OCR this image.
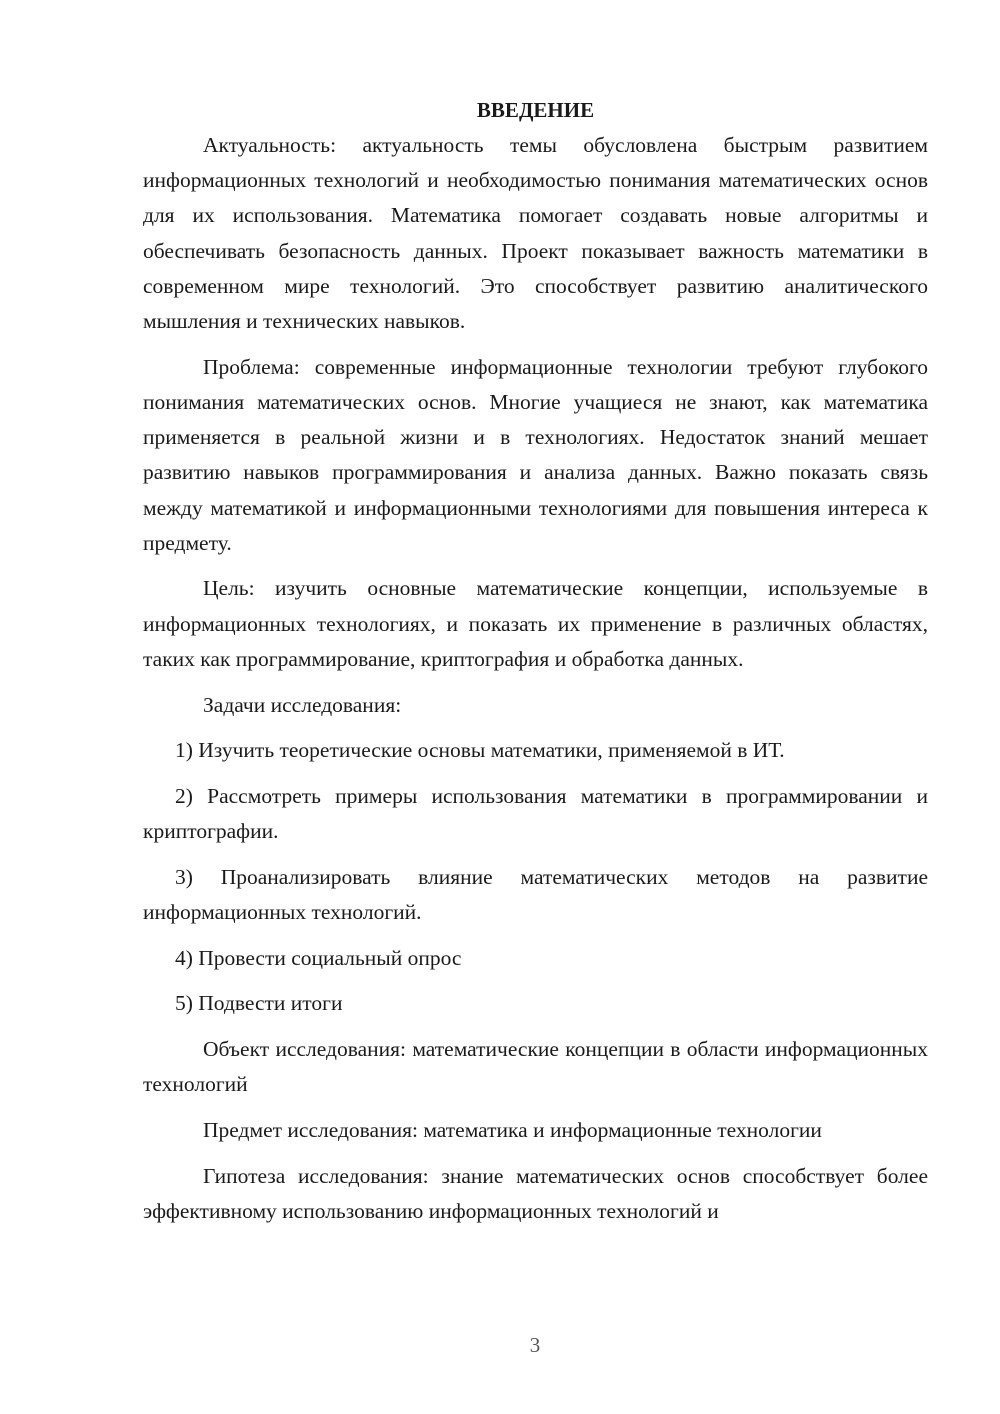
ВВЕДЕНИЕ

Актуальность: актуальность темы обусловлена быстрым развитием информационных технологий и необходимостью понимания математических основ для их использования. Математика помогает создавать новые алгоритмы и обеспечивать безопасность данных. Проект показывает важность математики в современном мире технологий. Это способствует развитию аналитического мышления и технических навыков.

Проблема: современные информационные технологии требуют глубокого понимания математических основ. Многие учащиеся не знают, как математика применяется в реальной жизни и в технологиях. Недостаток знаний мешает развитию навыков программирования и анализа данных. Важно показать связь между математикой и информационными технологиями для повышения интереса к предмету.

Цель: изучить основные математические концепции, используемые в информационных технологиях, и показать их применение в различных областях, таких как программирование, криптография и обработка данных.

Задачи исследования:

1) Изучить теоретические основы математики, применяемой в ИТ.

2) Рассмотреть примеры использования математики в программировании и криптографии.

3) Проанализировать влияние математических методов на развитие информационных технологий.

4) Провести социальный опрос

5) Подвести итоги

Объект исследования: математические концепции в области информационных технологий

Предмет исследования: математика и информационные технологии

Гипотеза исследования: знание математических основ способствует более эффективному использованию информационных технологий и

3
